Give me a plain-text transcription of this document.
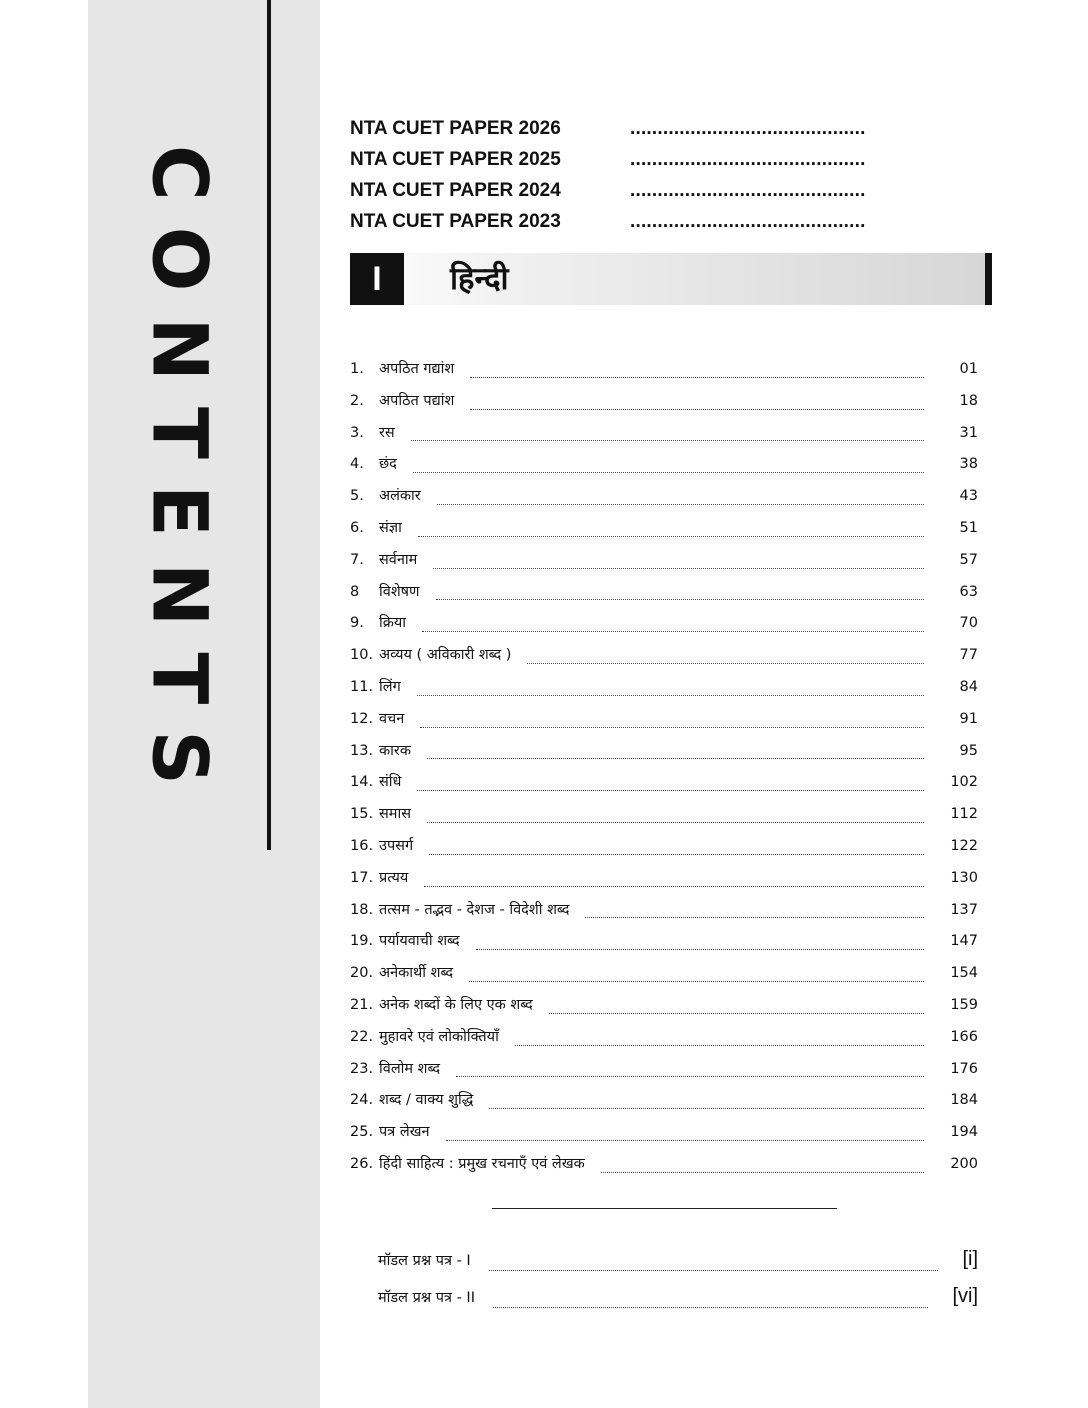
CONTENTS
NTA CUET PAPER 2026	...........................................
NTA CUET PAPER 2025	...........................................
NTA CUET PAPER 2024	...........................................
NTA CUET PAPER 2023	...........................................
I	हिन्दी
1.	अपठित गद्यांश	01
2.	अपठित पद्यांश	18
3.	रस	31
4.	छंद	38
5.	अलंकार	43
6.	संज्ञा	51
7.	सर्वनाम	57
8	विशेषण	63
9.	क्रिया	70
10. अव्यय ( अविकारी शब्द )	77
11. लिंग	84
12. वचन	91
13. कारक	95
14. संधि	102
15. समास	112
16. उपसर्ग	122
17. प्रत्यय	130
18. तत्सम - तद्भव - देशज - विदेशी शब्द	137
19. पर्यायवाची शब्द	147
20. अनेकार्थी शब्द	154
21. अनेक शब्दों के लिए एक शब्द	159
22. मुहावरे एवं लोकोक्तियाँ	166
23. विलोम शब्द	176
24. शब्द / वाक्य शुद्धि	184
25. पत्र लेखन	194
26. हिंदी साहित्य : प्रमुख रचनाएँ एवं लेखक	200
मॉडल प्रश्न पत्र - I	[i]
मॉडल प्रश्न पत्र - II	[vi]
